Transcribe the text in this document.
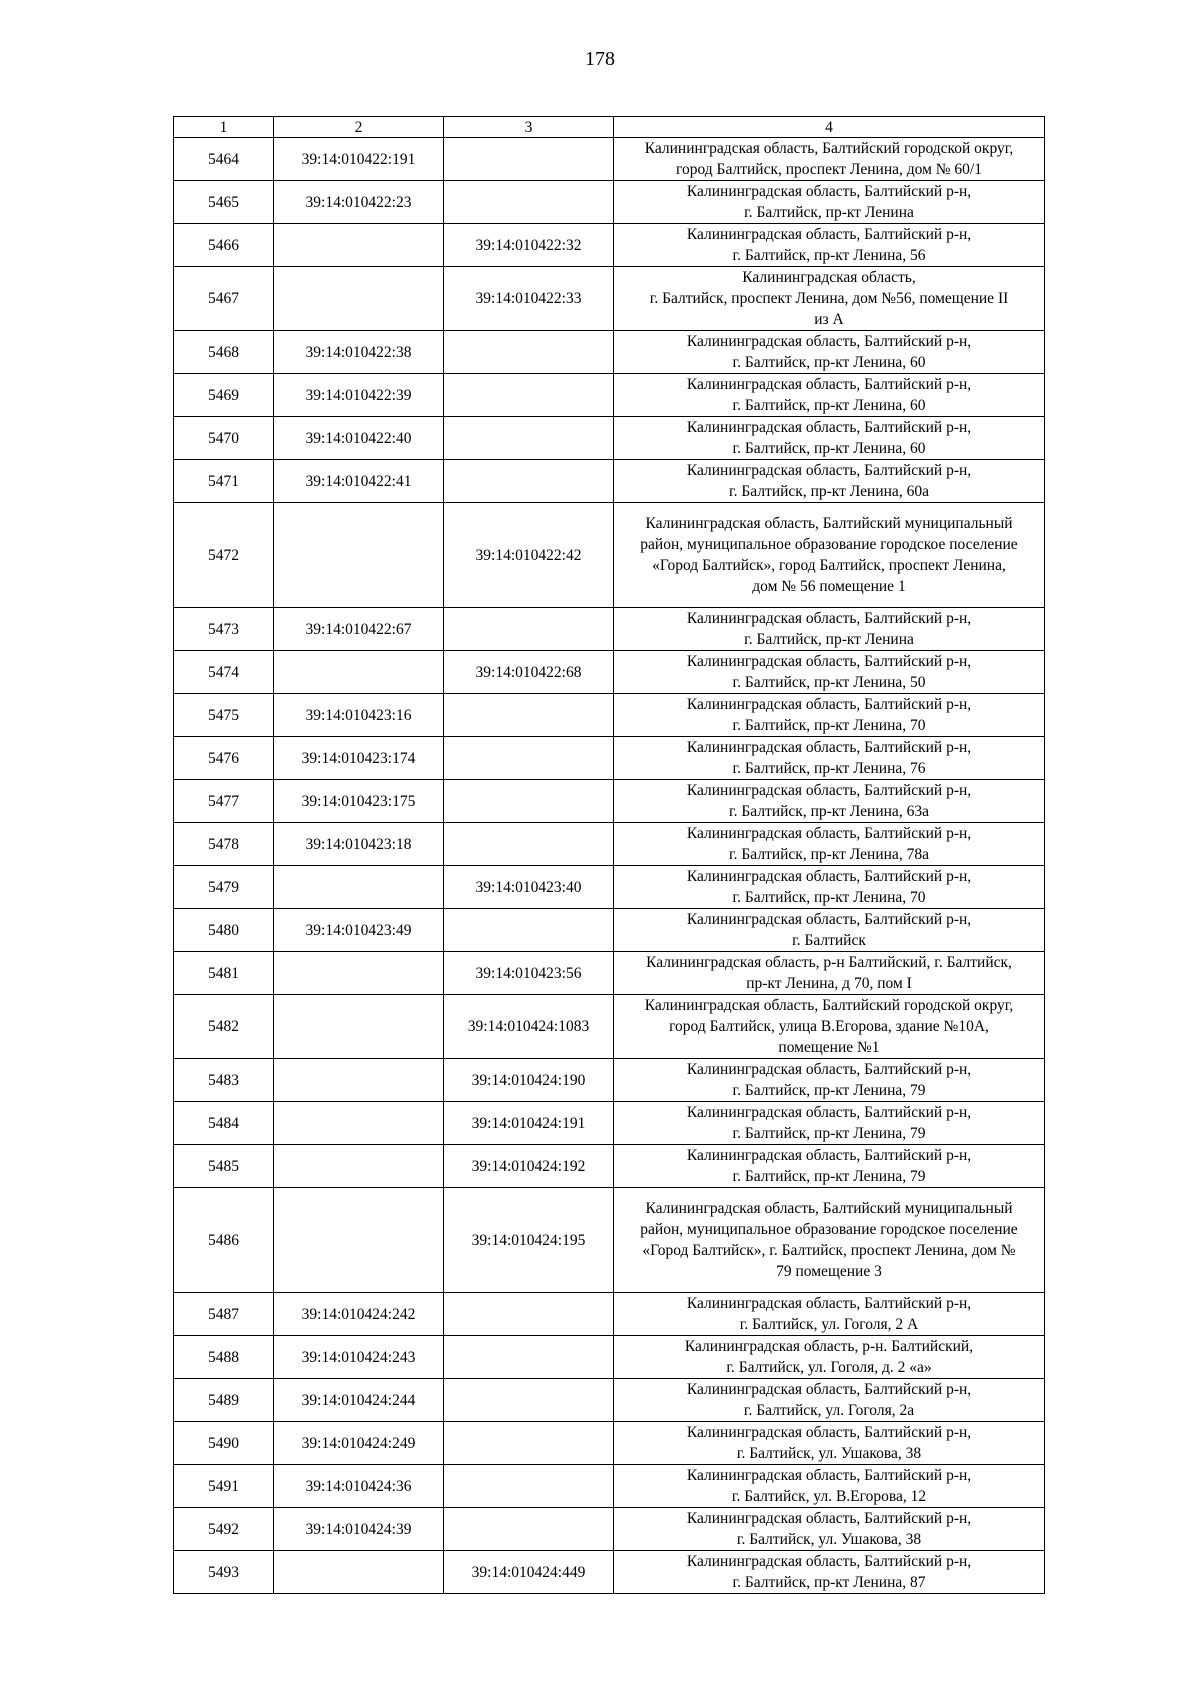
178
1	2	3	4
5464	39:14:010422:191		Калининградская область, Балтийский городской округ,
город Балтийск, проспект Ленина, дом № 60/1
5465	39:14:010422:23		Калининградская область, Балтийский р-н,
г. Балтийск, пр-кт Ленина
5466		39:14:010422:32	Калининградская область, Балтийский р-н,
г. Балтийск, пр-кт Ленина, 56
5467		39:14:010422:33	Калининградская область,
г. Балтийск, проспект Ленина, дом №56, помещение II
из А
5468	39:14:010422:38		Калининградская область, Балтийский р-н,
г. Балтийск, пр-кт Ленина, 60
5469	39:14:010422:39		Калининградская область, Балтийский р-н,
г. Балтийск, пр-кт Ленина, 60
5470	39:14:010422:40		Калининградская область, Балтийский р-н,
г. Балтийск, пр-кт Ленина, 60
5471	39:14:010422:41		Калининградская область, Балтийский р-н,
г. Балтийск, пр-кт Ленина, 60а
5472		39:14:010422:42	Калининградская область, Балтийский муниципальный
район, муниципальное образование городское поселение
«Город Балтийск», город Балтийск, проспект Ленина,
дом № 56 помещение 1
5473	39:14:010422:67		Калининградская область, Балтийский р-н,
г. Балтийск, пр-кт Ленина
5474		39:14:010422:68	Калининградская область, Балтийский р-н,
г. Балтийск, пр-кт Ленина, 50
5475	39:14:010423:16		Калининградская область, Балтийский р-н,
г. Балтийск, пр-кт Ленина, 70
5476	39:14:010423:174		Калининградская область, Балтийский р-н,
г. Балтийск, пр-кт Ленина, 76
5477	39:14:010423:175		Калининградская область, Балтийский р-н,
г. Балтийск, пр-кт Ленина, 63а
5478	39:14:010423:18		Калининградская область, Балтийский р-н,
г. Балтийск, пр-кт Ленина, 78а
5479		39:14:010423:40	Калининградская область, Балтийский р-н,
г. Балтийск, пр-кт Ленина, 70
5480	39:14:010423:49		Калининградская область, Балтийский р-н,
г. Балтийск
5481		39:14:010423:56	Калининградская область, р-н Балтийский, г. Балтийск,
пр-кт Ленина, д 70, пом I
5482		39:14:010424:1083	Калининградская область, Балтийский городской округ,
город Балтийск, улица В.Егорова, здание №10А,
помещение №1
5483		39:14:010424:190	Калининградская область, Балтийский р-н,
г. Балтийск, пр-кт Ленина, 79
5484		39:14:010424:191	Калининградская область, Балтийский р-н,
г. Балтийск, пр-кт Ленина, 79
5485		39:14:010424:192	Калининградская область, Балтийский р-н,
г. Балтийск, пр-кт Ленина, 79
5486		39:14:010424:195	Калининградская область, Балтийский муниципальный
район, муниципальное образование городское поселение
«Город Балтийск», г. Балтийск, проспект Ленина, дом №
79 помещение 3
5487	39:14:010424:242		Калининградская область, Балтийский р-н,
г. Балтийск, ул. Гоголя, 2 А
5488	39:14:010424:243		Калининградская область, р-н. Балтийский,
г. Балтийск, ул. Гоголя, д. 2 «а»
5489	39:14:010424:244		Калининградская область, Балтийский р-н,
г. Балтийск, ул. Гоголя, 2а
5490	39:14:010424:249		Калининградская область, Балтийский р-н,
г. Балтийск, ул. Ушакова, 38
5491	39:14:010424:36		Калининградская область, Балтийский р-н,
г. Балтийск, ул. В.Егорова, 12
5492	39:14:010424:39		Калининградская область, Балтийский р-н,
г. Балтийск, ул. Ушакова, 38
5493		39:14:010424:449	Калининградская область, Балтийский р-н,
г. Балтийск, пр-кт Ленина, 87
